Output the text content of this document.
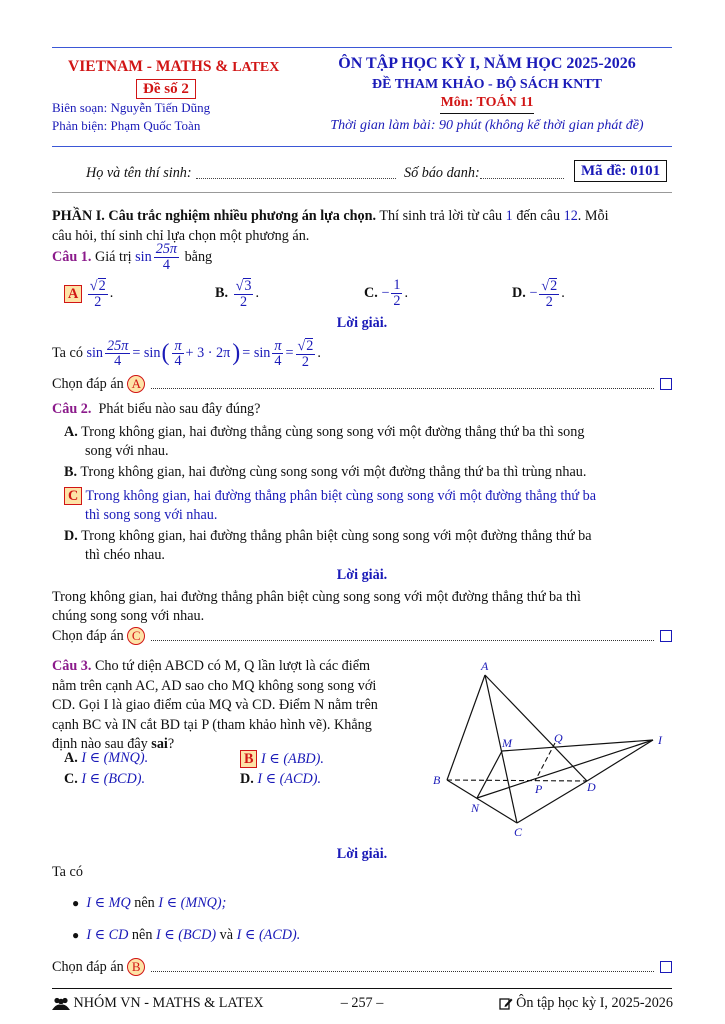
VIETNAM - MATHS & LATEX
Đề số 2
Biên soạn: Nguyễn Tiến Dũng
Phản biện: Phạm Quốc Toàn
ÔN TẬP HỌC KỲ I, NĂM HỌC 2025-2026
ĐỀ THAM KHẢO - BỘ SÁCH KNTT
Môn: TOÁN 11
Thời gian làm bài: 90 phút (không kể thời gian phát đề)
Họ và tên thí sinh:	Số báo danh:	Mã đề: 0101
PHẦN I. Câu trắc nghiệm nhiều phương án lựa chọn. Thí sinh trả lời từ câu 1 đến câu 12. Mỗi
câu hỏi, thí sinh chỉ lựa chọn một phương án.
Câu 1.
Giá trị
$\sin \frac{25\pi}{4}$
bằng
A
$\frac{√2}{2}$ .	B.
$\frac{√3}{2}$ .	C.
− $\frac{1}{2}$ .	D.
− $\frac{√2}{2}$ .
Lời giải.
Ta có
$\sin \frac{25\pi}{4} = \sin$ ( $\frac{\pi}{4} + 3 \cdot 2\pi$ ) = $\sin \frac{\pi}{4} = \frac{√2}{2}$ .
Chọn đáp án
A
Câu 2. Phát biểu nào sau đây đúng?
A. Trong không gian, hai đường thẳng cùng song song với một đường thẳng thứ ba thì song
song với nhau.
B. Trong không gian, hai đường cùng song song với một đường thẳng thứ ba thì trùng nhau.
C Trong không gian, hai đường thẳng phân biệt cùng song song với một đường thẳng thứ ba
thì song song với nhau.
D. Trong không gian, hai đường thẳng phân biệt cùng song song với một đường thẳng thứ ba
thì chéo nhau.
Lời giải.
Trong không gian, hai đường thẳng phân biệt cùng song song với một đường thẳng thứ ba thì
chúng song song với nhau.
Chọn đáp án
C
Câu 3. Cho tứ diện ABCD có M, Q lần lượt là các điểm
nằm trên cạnh AC, AD sao cho MQ không song song với
CD. Gọi I là giao điểm của MQ và CD. Điểm N nằm trên
cạnh BC và IN cắt BD tại P (tham khảo hình vẽ). Khẳng
định nào sau đây sai?
A. I ∈ (MNQ).	B I ∈ (ABD).
C. I ∈ (BCD).	D. I ∈ (ACD).
A
B
C
D
M	Q	I
N
P
Lời giải.
Ta có
● I ∈ MQ nên I ∈ (MNQ);
● I ∈ CD nên I ∈ (BCD) và I ∈ (ACD).
Chọn đáp án
B

NHÓM VN - MATHS &
LATEX	– 257 –
	Ôn tập học kỳ I, 2025-2026
